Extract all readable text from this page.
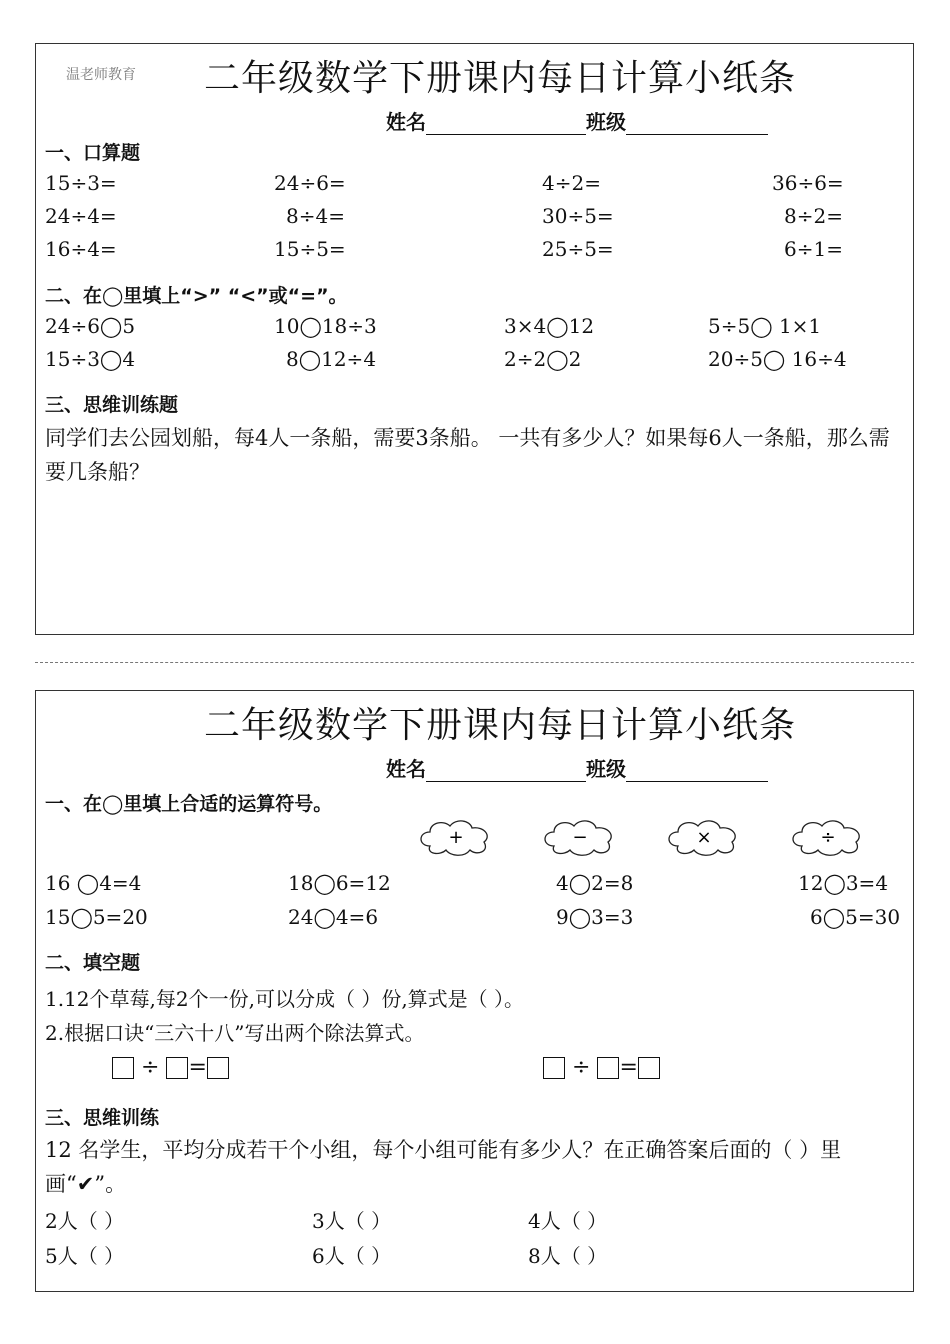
温老师教育 二年级数学下册课内每日计算小纸条
姓名	班级
一、口算题
15÷3=	24÷6=	4÷2=	36÷6=
24÷4=	8÷4=	30÷5=	8÷2=
16÷4=	15÷5=	25÷5=	6÷1=
二、在◯里填上“>” “<”或“=”。
24÷6◯5	10◯18÷3	3×4◯12	5÷5◯ 1×1
15÷3◯4	8◯12÷4	2÷2◯2	20÷5◯ 16÷4
三、思维训练题
同学们去公园划船，每4人一条船，需要3条船。 一共有多少人？如果每6人一条船，那么需要几条船？
二年级数学下册课内每日计算小纸条
姓名	班级
一、在◯里填上合适的运算符号。
+	−	×	÷
16 ◯4=4	18◯6=12	4◯2=8	12◯3=4
15◯5=20	24◯4=6	9◯3=3	6◯5=30
二、填空题
1.12个草莓,每2个一份,可以分成（ ）份,算式是（ ）。
2.根据口诀“三六十八”写出两个除法算式。
÷ =	÷ =
三、思维训练
12 名学生，平均分成若干个小组，每个小组可能有多少人？在正确答案后面的（ ）里画“✔”。
2人（ ）	3人（ ）	4人（ ）
5人（ ）	6人（ ）	8人（ ）
